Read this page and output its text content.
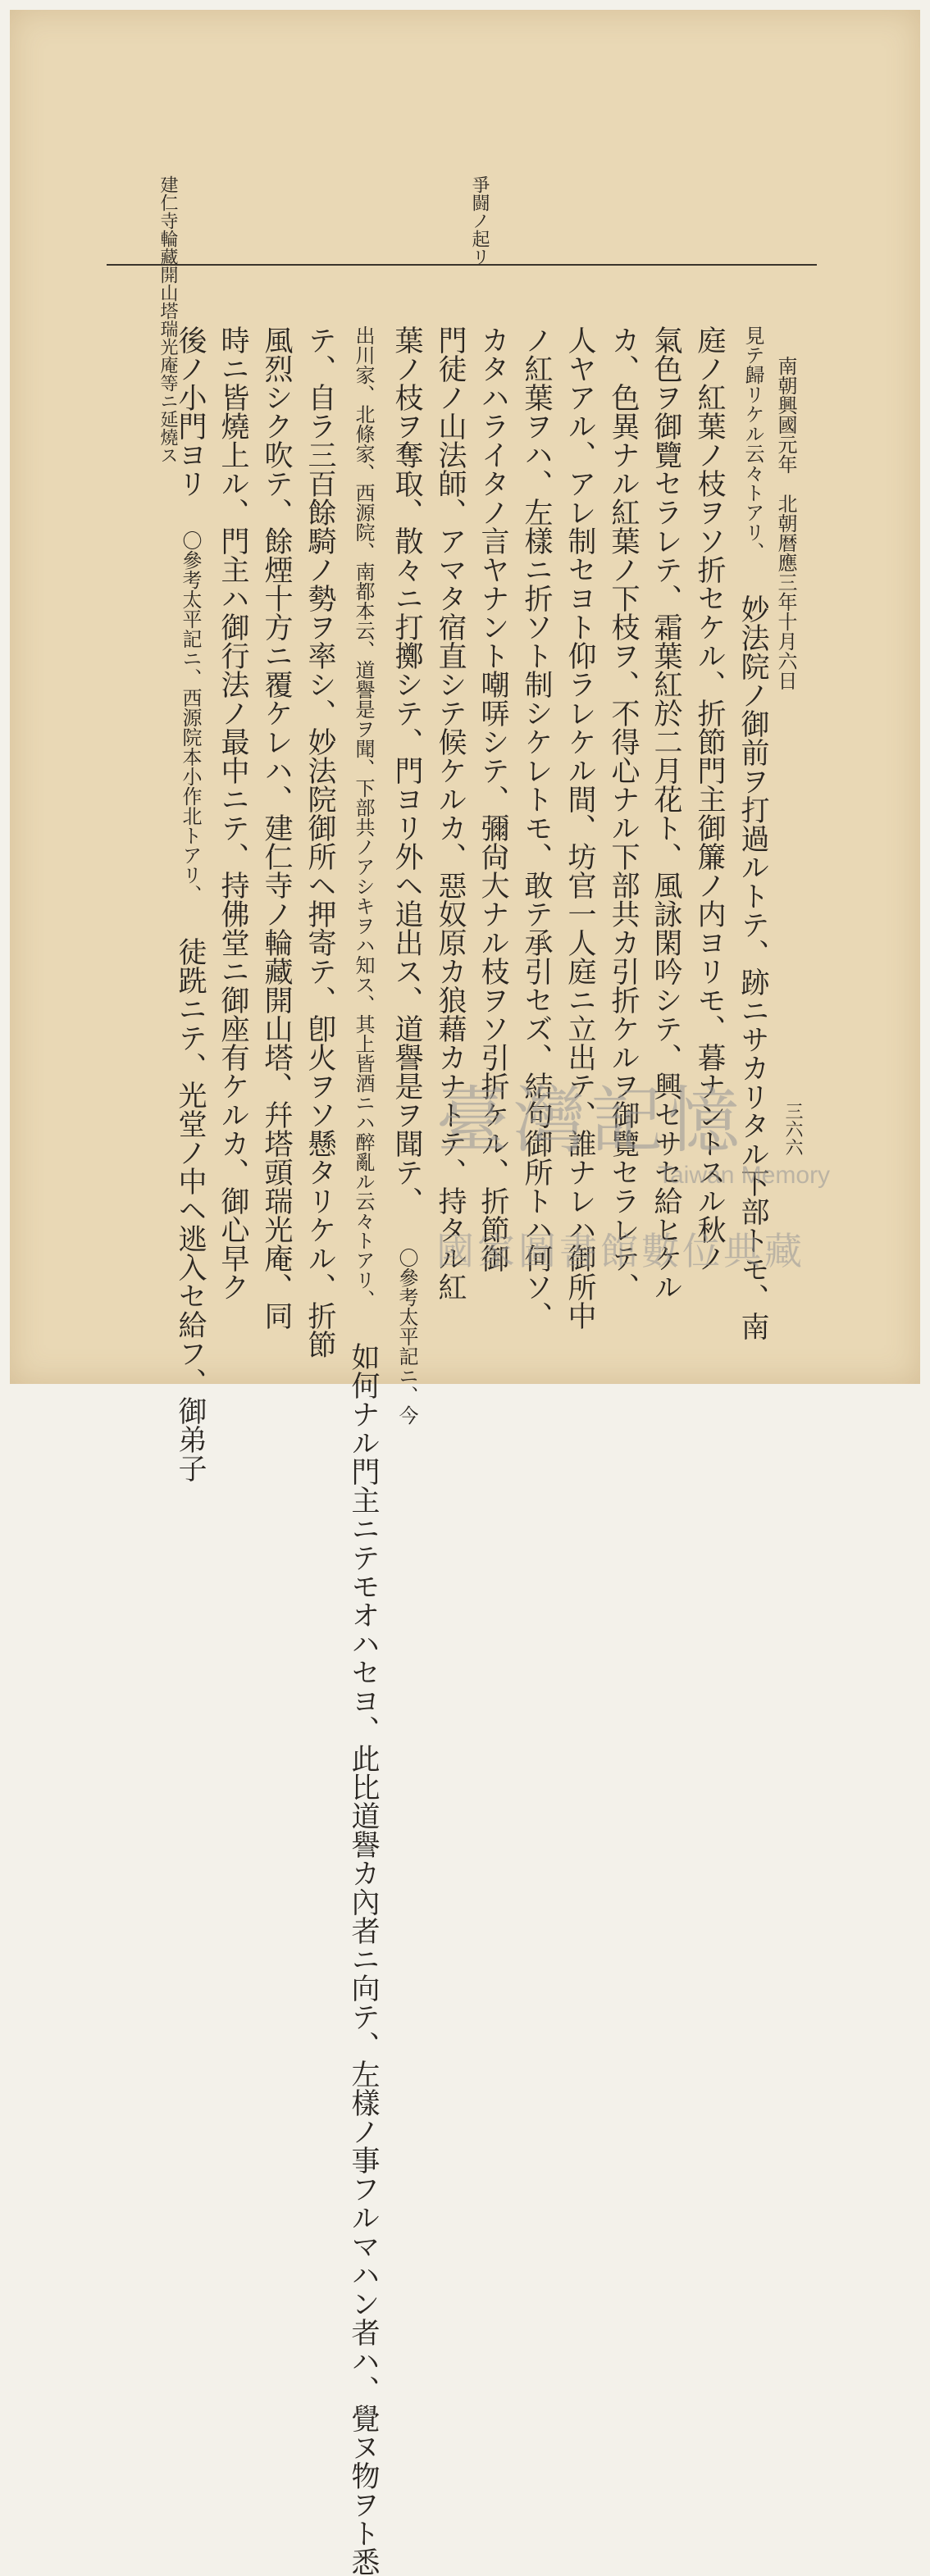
南朝興國元年　北朝暦應三年十月六日
三六六
爭闘ノ起リ
建仁寺輪藏開山塔瑞光庵等ニ延燒ス	見テ歸リケル云々トアリ、 妙法院ノ御前ヲ打過ルトテ、跡ニサカリタル下部トモ、南
庭ノ紅葉ノ枝ヲソ折セケル、折節門主御簾ノ内ヨリモ、暮ナントスル秋ノ
氣色ヲ御覽セラレテ、霜葉紅於二月花ト、風詠閑吟シテ、興セサセ給ヒケル
カ、色異ナル紅葉ノ下枝ヲ、不得心ナル下部共カ引折ケルヲ御覽セラレテ、
人ヤアル、アレ制セヨト仰ラレケル間、坊官一人庭ニ立出テ、誰ナレハ御所中
ノ紅葉ヲハ、左樣ニ折ソト制シケレトモ、敢テ承引セズ、結句御所トハ何ソ、
カタハライタノ言ヤナント嘲哢シテ、彌尙大ナル枝ヲソ引折ケル、折節御
門徒ノ山法師、アマタ宿直シテ候ケルカ、惡奴原カ狼藉カナトテ、持タル紅
葉ノ枝ヲ奪取、散々ニ打擲シテ、門ヨリ外ヘ追出ス、道譽是ヲ聞テ、 〇參考太平記ニ、今
出川家、北條家、西源院、南都本云、道譽是ヲ聞、下部共ノアシキヲハ知ス、其上皆酒ニハ醉亂ル云々トアリ、 如何ナル門主ニテモオハセヨ、此比道譽カ內者ニ向テ、左樣ノ事フルマハン者ハ、覺ヌ物ヲト悉
テ、自ラ三百餘騎ノ勢ヲ率シ、妙法院御所ヘ押寄テ、卽火ヲソ懸タリケル、折節
風烈シク吹テ、餘煙十方ニ覆ケレハ、建仁寺ノ輪藏開山塔、幷塔頭瑞光庵、同
時ニ皆燒上ル、門主ハ御行法ノ最中ニテ、持佛堂ニ御座有ケルカ、御心早ク
後ノ小門ヨリ 〇參考太平記ニ、西源院本小作北トアリ、 徒跣ニテ、光堂ノ中ヘ逃入セ給フ、御弟子	臺灣記憶
Taiwan Memory
國家圖書館數位典藏
